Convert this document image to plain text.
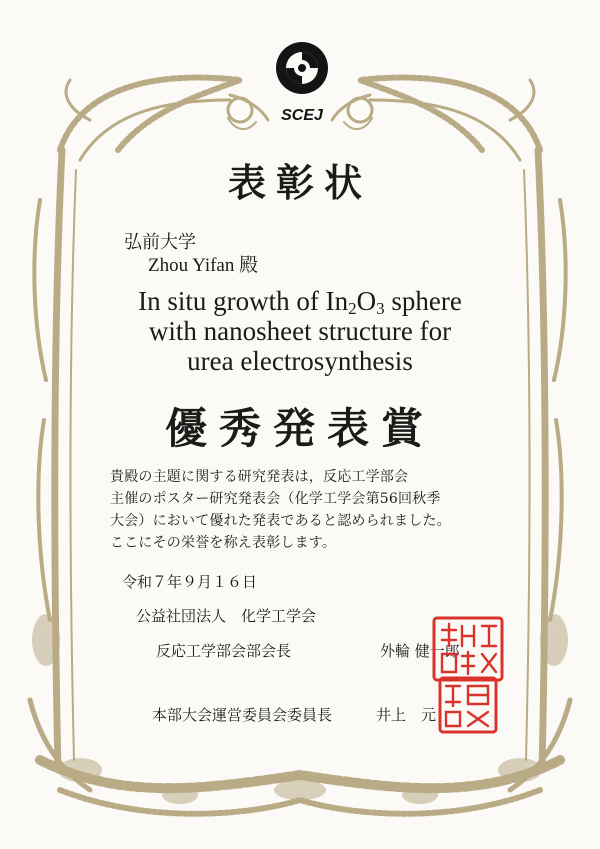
SCEJ
表彰状
弘前大学
Zhou Yifan 殿
In situ growth of $In_2O_3$ sphere
with nanosheet structure for
urea electrosynthesis
優秀発表賞
貴殿の主題に関する研究発表は，反応工学部会
主催のポスター研究発表会（化学工学会第56回秋季
大会）において優れた発表であると認められました。
ここにその栄誉を称え表彰します。
令和７年９月１６日
公益社団法人　化学工学会
反応工学部会部会長	外輪 健一郎
本部大会運営委員会委員長	井上　元
